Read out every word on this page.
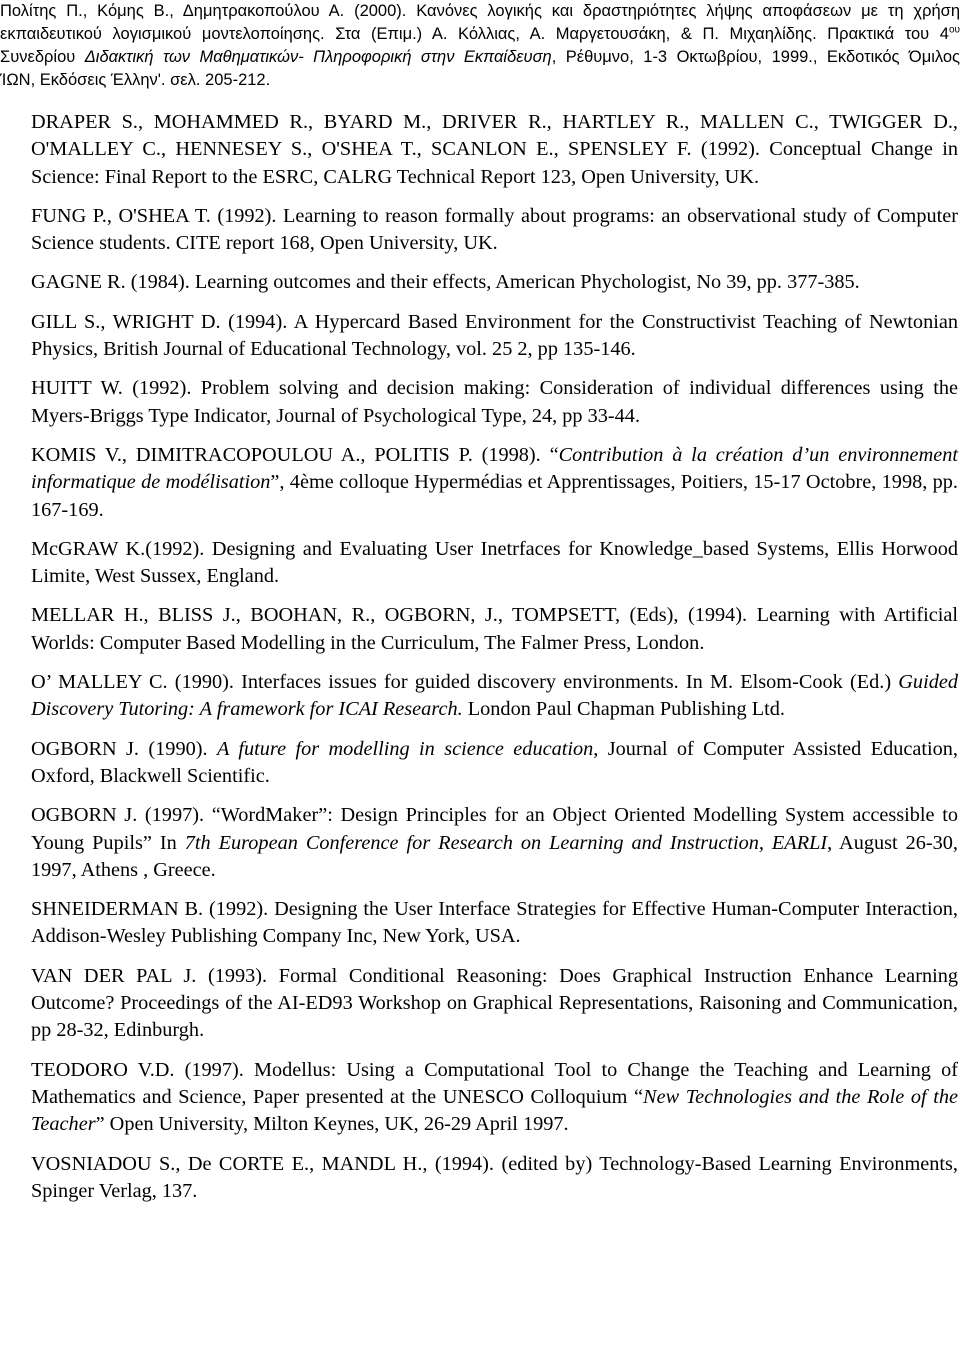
Πολίτης Π., Κόμης Β., Δημητρακοπούλου Α. (2000). Κανόνες λογικής και δραστηριότητες λήψης αποφάσεων με τη χρήση
εκπαιδευτικού λογισμικού μοντελοποίησης. Στα (Επιμ.) Α. Κόλλιας, Α. Μαργετουσάκη, & Π. Μιχαηλίδης. Πρακτικά του $4^{o\upsilon}$
Συνεδρίου Διδακτική των Μαθηματικών- Πληροφορική στην Εκπαίδευση, Ρέθυμνο, 1-3 Οκτωβρίου, 1999., Εκδοτικός Όμιλος
ΊΩΝ, Εκδόσεις Έλλην'. σελ. 205-212.

DRAPER S., MOHAMMED R., BYARD M., DRIVER R., HARTLEY R., MALLEN C., TWIGGER D., O'MALLEY C., HENNESEY S., O'SHEA T., SCANLON E., SPENSLEY F. (1992). Conceptual Change in Science: Final Report to the ESRC, CALRG Technical Report 123, Open University, UK.

FUNG P., O'SHEA T. (1992). Learning to reason formally about programs: an observational study of Computer Science students. CITE report 168, Open University, UK.

GAGNE R. (1984). Learning outcomes and their effects, American Phychologist, No 39, pp. 377-385.

GILL S., WRIGHT D. (1994). A Hypercard Based Environment for the Constructivist Teaching of Newtonian Physics, British Journal of Educational Technology, vol. 25 2, pp 135-146.

HUITT W. (1992). Problem solving and decision making: Consideration of individual differences using the Myers-Briggs Type Indicator, Journal of Psychological Type, 24, pp 33-44.

KOMIS V., DIMITRACOPOULOU A., POLITIS P. (1998). “Contribution à la création d’un environnement informatique de modélisation”, 4ème colloque Hypermédias et Apprentissages, Poitiers, 15-17 Octobre, 1998, pp. 167-169.

McGRAW K.(1992). Designing and Evaluating User Inetrfaces for Knowledge_based Systems, Ellis Horwood Limite, West Sussex, England.

MELLAR H., BLISS J., BOOHAN, R., OGBORN, J., TOMPSETT, (Eds), (1994). Learning with Artificial Worlds: Computer Based Modelling in the Curriculum, The Falmer Press, London.

O’ MALLEY C. (1990). Interfaces issues for guided discovery environments. In M. Elsom-Cook (Ed.) Guided Discovery Tutoring: A framework for ICAI Research. London Paul Chapman Publishing Ltd.

OGBORN J. (1990). A future for modelling in science education, Journal of Computer Assisted Education, Oxford, Blackwell Scientific.

OGBORN J. (1997). “WordMaker”: Design Principles for an Object Oriented Modelling System accessible to Young Pupils” In 7th European Conference for Research on Learning and Instruction, EARLI, August 26-30, 1997, Athens , Greece.

SHNEIDERMAN B. (1992). Designing the User Interface Strategies for Effective Human-Computer Interaction, Addison-Wesley Publishing Company Inc, New York, USA.

VAN DER PAL J. (1993). Formal Conditional Reasoning: Does Graphical Instruction Enhance Learning Outcome? Proceedings of the AI-ED93 Workshop on Graphical Representations, Raisoning and Communication, pp 28-32, Edinburgh.

TEODORO V.D. (1997). Modellus: Using a Computational Tool to Change the Teaching and Learning of Mathematics and Science, Paper presented at the UNESCO Colloquium “New Technologies and the Role of the Teacher” Open University, Milton Keynes, UK, 26-29 April 1997.

VOSNIADOU S., De CORTE E., MANDL H., (1994). (edited by) Technology-Based Learning Environments, Spinger Verlag, 137.
